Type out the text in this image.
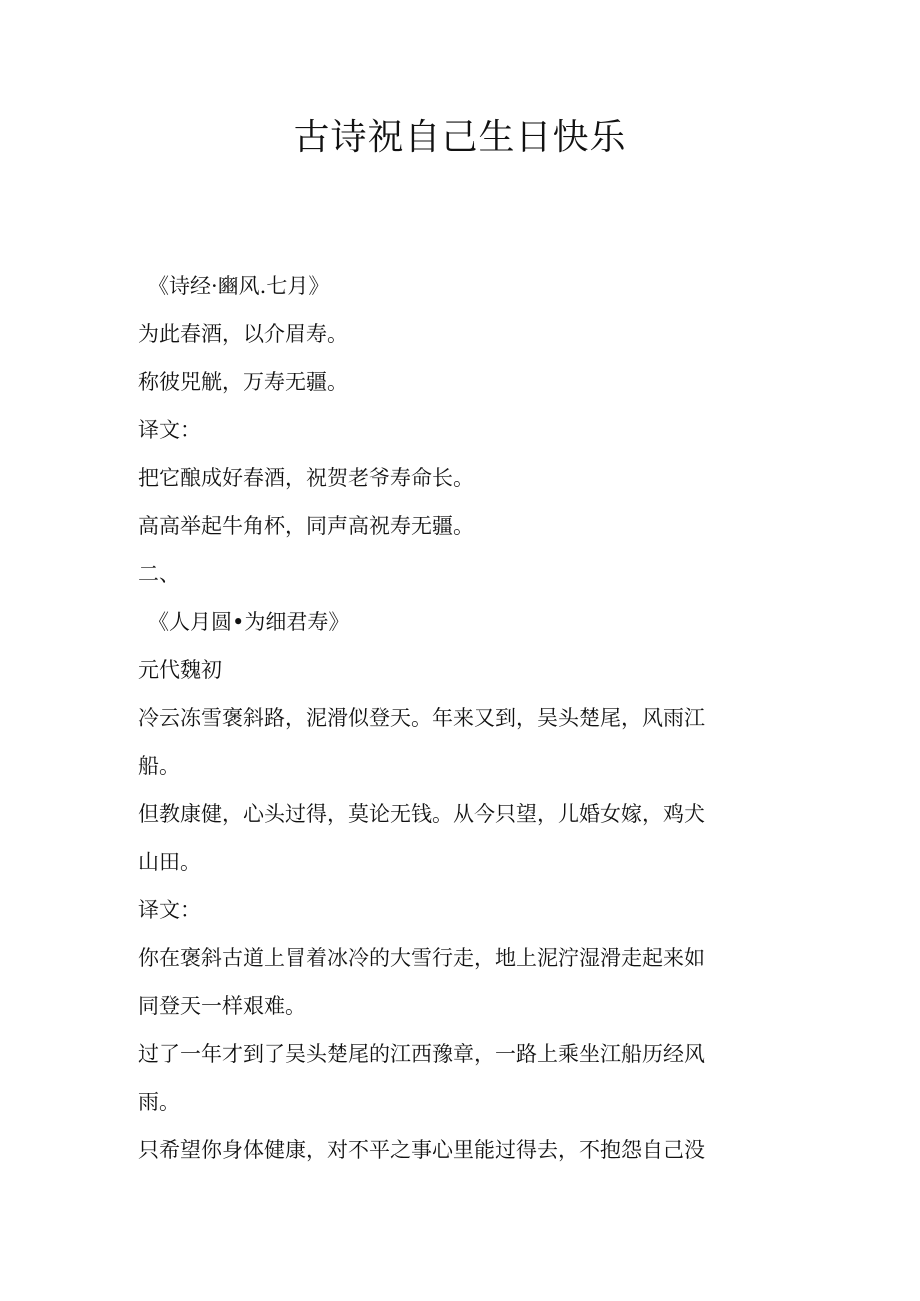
古诗祝自己生日快乐
《诗经·豳风.七月》
为此春酒，以介眉寿。
称彼兕觥，万寿无疆。
译文：
把它酿成好春酒，祝贺老爷寿命长。
高高举起牛角杯，同声高祝寿无疆。
二、
《人月圆•为细君寿》
元代魏初
冷云冻雪褒斜路，泥滑似登天。年来又到，吴头楚尾，风雨江
船。
但教康健，心头过得，莫论无钱。从今只望，儿婚女嫁，鸡犬
山田。
译文：
你在褒斜古道上冒着冰冷的大雪行走，地上泥泞湿滑走起来如
同登天一样艰难。
过了一年才到了吴头楚尾的江西豫章，一路上乘坐江船历经风
雨。
只希望你身体健康，对不平之事心里能过得去，不抱怨自己没
